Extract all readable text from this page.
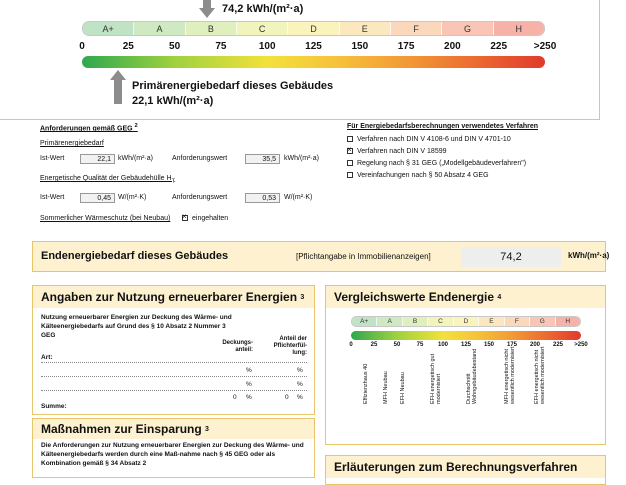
74,2 kWh/(m²·a)
A+	A	B	C	D	E	F	G	H
0	25	50	75	100	125	150	175	200	225	>250
Primärenergiebedarf dieses Gebäudes
22,1 kWh/(m²·a)
Anforderungen gemäß GEG $^2$
Primärenergiebedarf
Ist-Wert	22,1	kWh/(m²·a)	Anforderungswert	35,5	kWh/(m²·a)
Energetische Qualität der Gebäudehülle $H_T$
Ist-Wert	0,45	W/(m²·K)	Anforderungswert	0,53	W/(m²·K)
Sommerlicher Wärmeschutz (bei Neubau)
×	eingehalten
Für Energiebedarfsberechnungen verwendetes Verfahren
Verfahren nach DIN V 4108-6 und DIN V 4701-10
×Verfahren nach DIN V 18599
Regelung nach § 31 GEG („Modellgebäudeverfahren")
Vereinfachungen nach § 50 Absatz 4 GEG
Endenergiebedarf dieses Gebäudes	[Pflichtangabe in Immobilienanzeigen]	74,2	kWh/(m²·a)
Angaben zur Nutzung erneuerbarer Energien
3
Nutzung erneuerbarer Energien zur Deckung des Wärme- und Kälteenergiebedarfs auf Grund des § 10 Absatz 2 Nummer 3 GEG
Art:
Deckungs-anteil:
Anteil der Pflichterfül-lung:
%	%
%	%
Summe:
0 %	0 %
Maßnahmen zur Einsparung
3
Die Anforderungen zur Nutzung erneuerbarer Energien zur Deckung des Wärme- und Kälteenergiebedarfs werden durch eine Maß-nahme nach § 45 GEG oder als Kombination gemäß § 34 Absatz 2
Vergleichswerte Endenergie
4
A+	A	B	C	D	E	F	G	H
0	25	50	75	100	125	150	175	200	225	>250
Effizienzhaus 40	MFH Neubau EFH Neubau	EFH energetisch gut modernisiert	Durchschnitt Wohngebäudebestand	MFH energetisch nicht wesentlich modernisiert	EFH energetisch nicht wesentlich modernisiert
Erläuterungen zum Berechnungsverfahren
